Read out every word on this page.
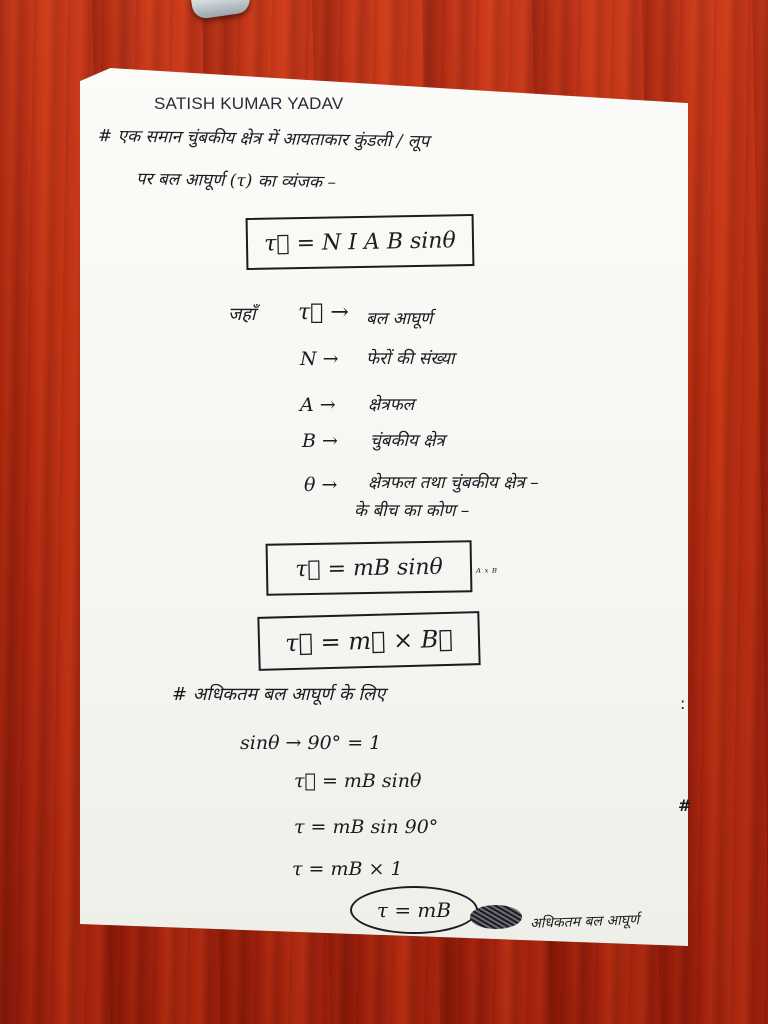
SATISH KUMAR YADAV
# एक समान चुंबकीय क्षेत्र में आयताकार कुंडली / लूप
पर बल आघूर्ण (τ) का व्यंजक –
τ⃗ = N I A B sinθ
जहाँ τ⃗ → बल आघूर्ण
N → फेरों की संख्या
A → क्षेत्रफल
B → चुंबकीय क्षेत्र
θ → क्षेत्रफल तथा चुंबकीय क्षेत्र –
के बीच का कोण –
τ⃗ = mB sinθ	ᴬ ˣ ᴮ
τ⃗ = m⃗ × B⃗
# अधिकतम बल आघूर्ण के लिए
sinθ → 90° = 1
τ⃗ = mB sinθ
τ = mB sin 90°
τ = mB × 1
τ = mB	अधिकतम बल आघूर्ण
:
#
